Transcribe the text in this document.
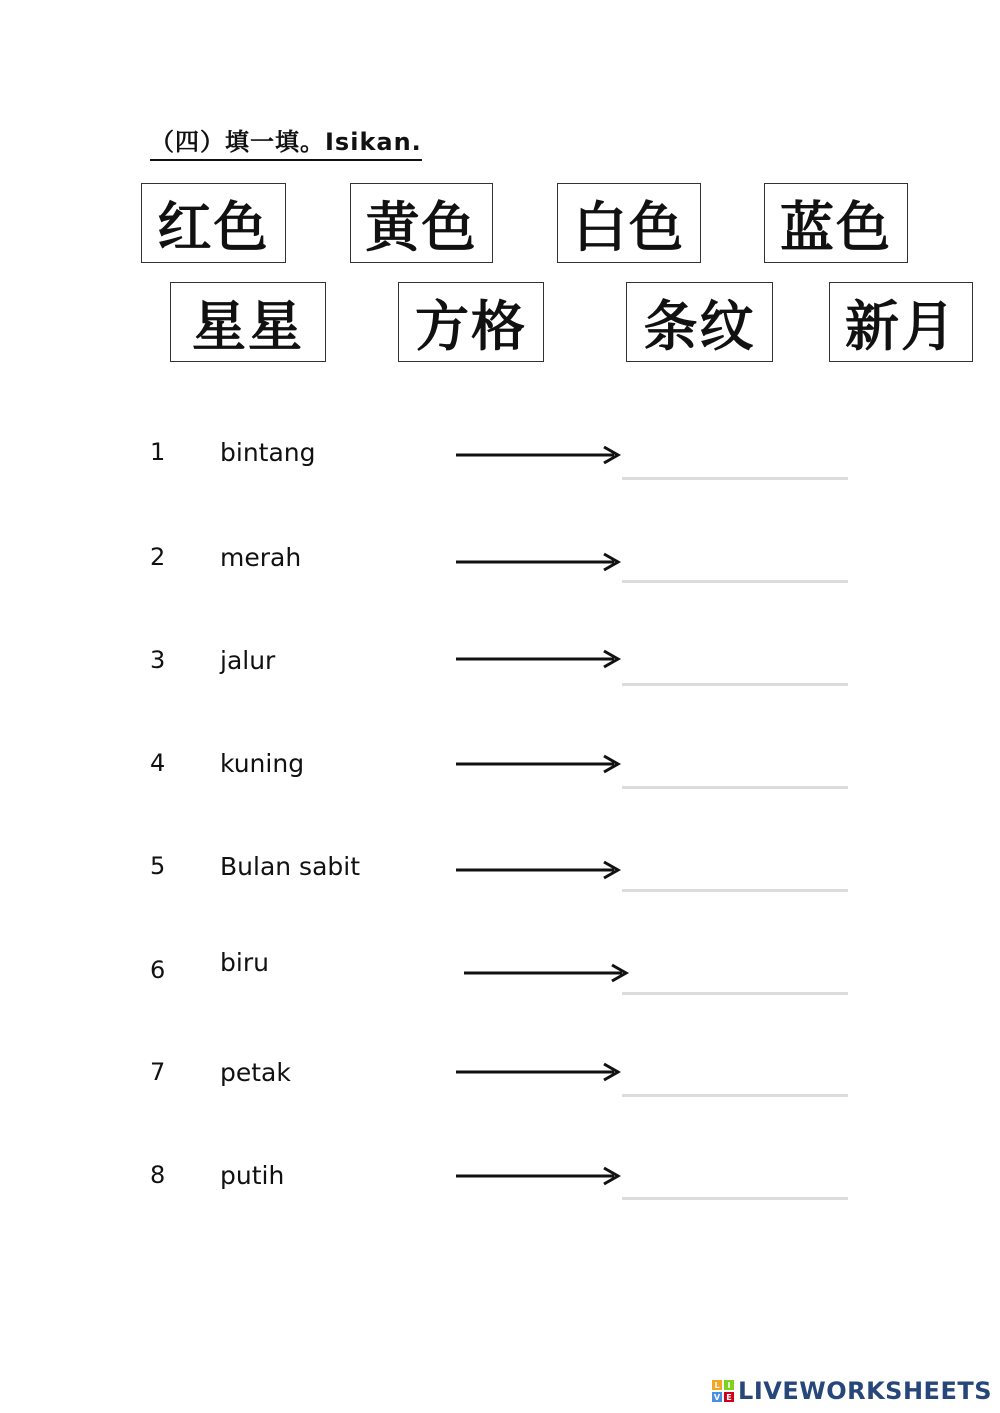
（四）填一填。Isikan.
红色	黄色 白色 蓝色
星星	方格	条纹	新月
1 bintang
2 merah
3 jalur
4 kuning
5 Bulan sabit
6 biru
7 petak
8 putih
L I
V E LIVEWORKSHEETS
